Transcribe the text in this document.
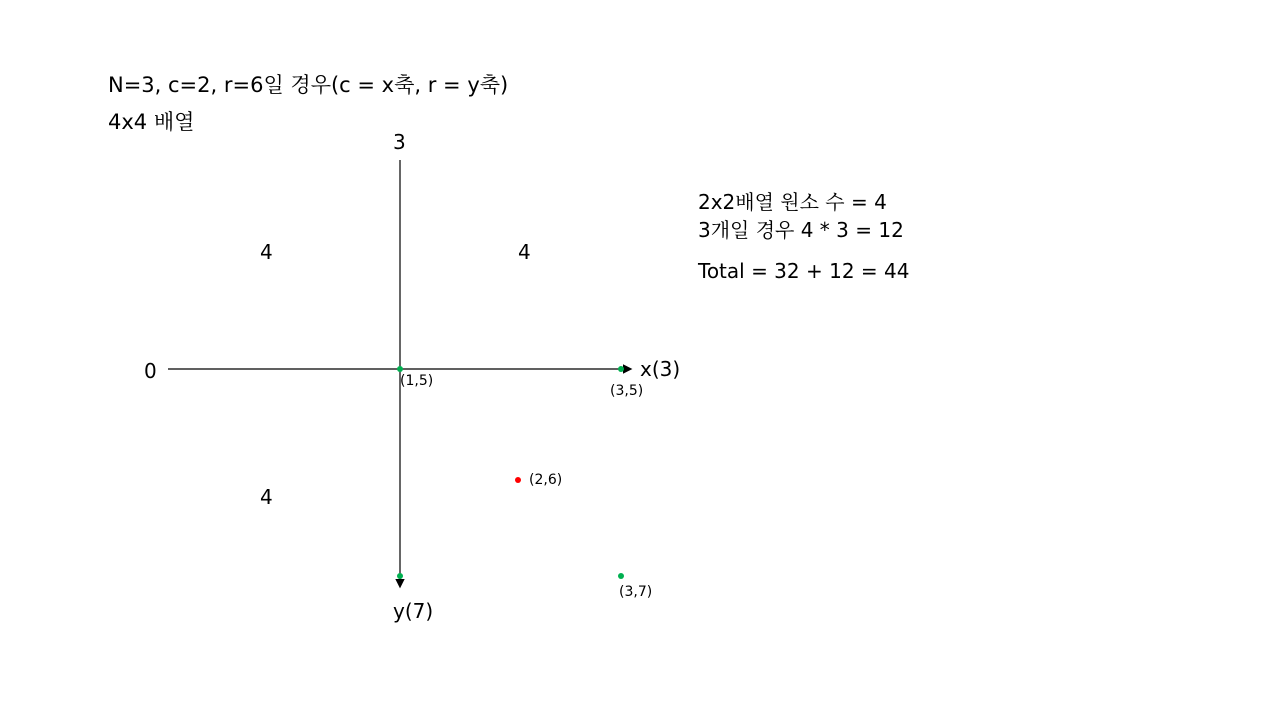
N=3, c=2, r=6일 경우(c = x축, r = y축)
4x4 배열
3
0	x(3)
y(7)
4	4
4
(1,5)
(3,5)
(2,6)
(3,7)
2x2배열 원소 수 = 4
3개일 경우 4 * 3 = 12
Total = 32 + 12 = 44
